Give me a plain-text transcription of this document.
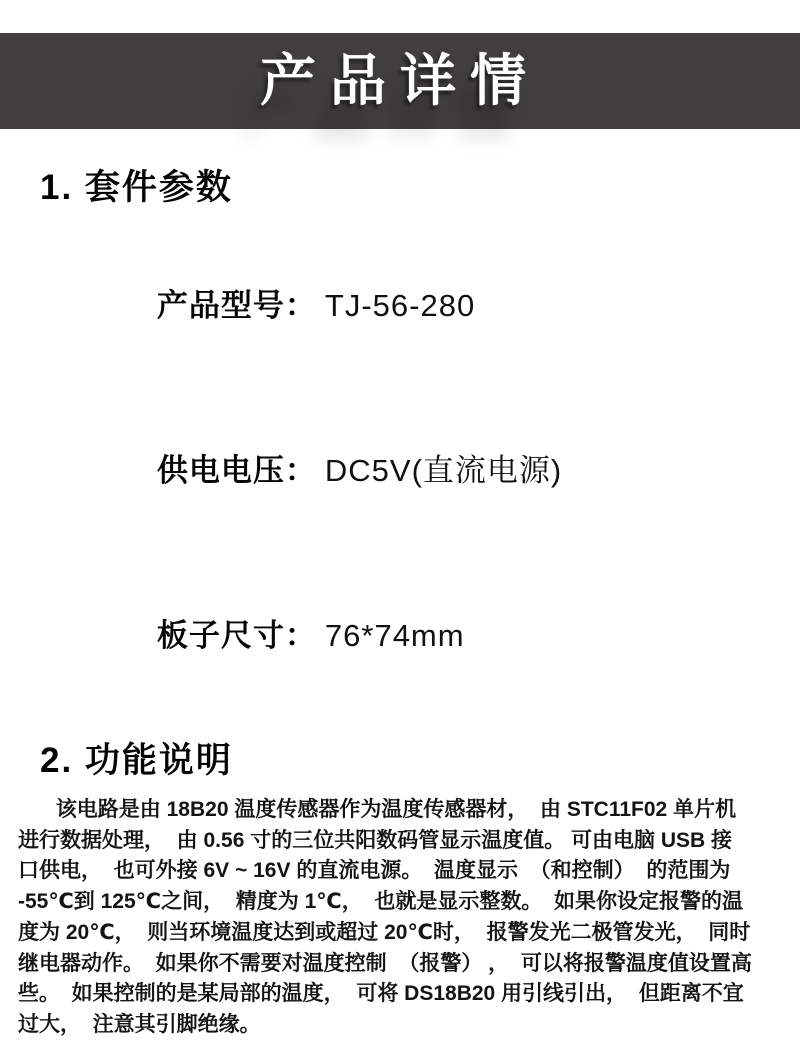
产品详情
1. 套件参数

产品型号： TJ-56-280

供电电压： DC5V(直流电源)

板子尺寸： 76*74mm

2. 功能说明
该电路是由 18B20 温度传感器作为温度传感器材，  由 STC11F02 单片机
进行数据处理，  由 0.56 寸的三位共阳数码管显示温度值。 可由电脑 USB 接
口供电，  也可外接 6V ~ 16V 的直流电源。  温度显示  （和控制）  的范围为
-55℃到 125℃之间，  精度为 1℃，  也就是显示整数。  如果你设定报警的温
度为 20℃，  则当环境温度达到或超过 20℃时，  报警发光二极管发光，  同时
继电器动作。  如果你不需要对温度控制  （报警） ，  可以将报警温度值设置高
些。  如果控制的是某局部的温度，  可将 DS18B20 用引线引出，  但距离不宜
过大，  注意其引脚绝缘。
